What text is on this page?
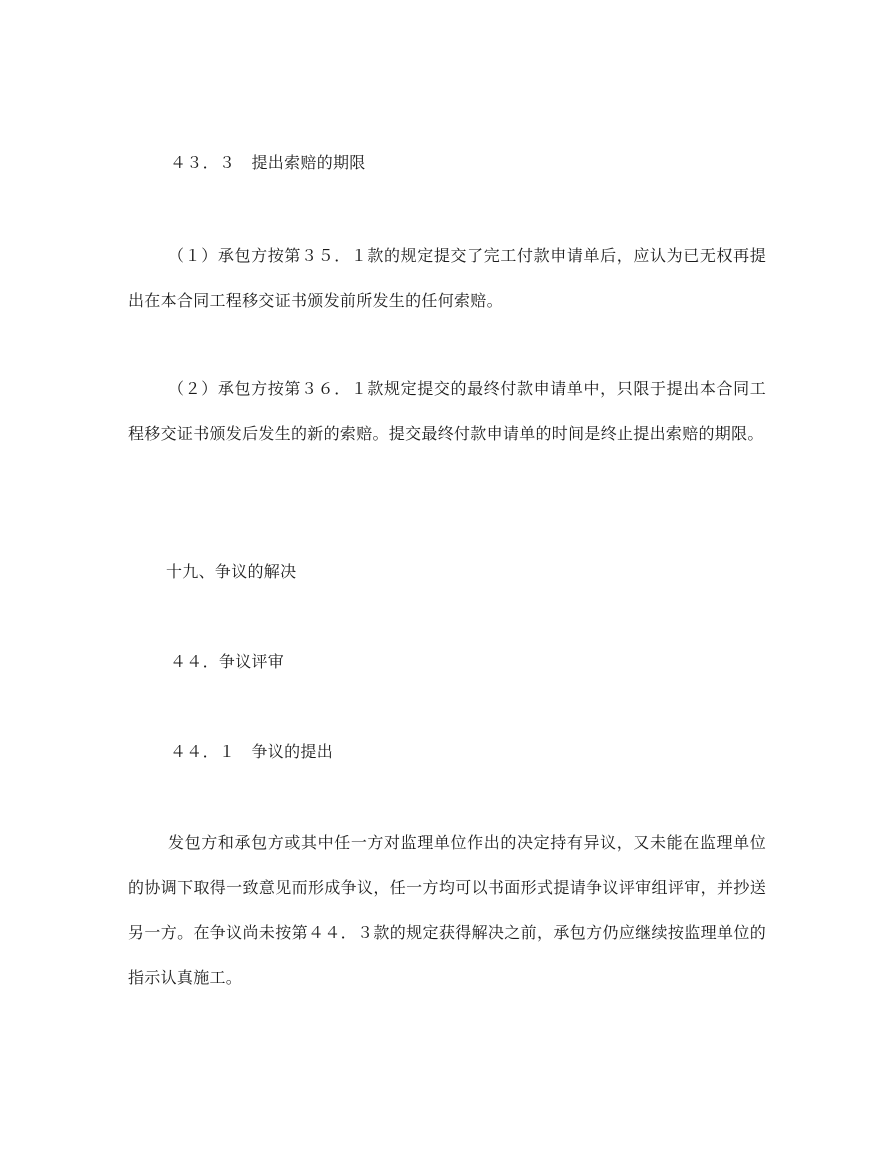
４３．３　提出索赔的期限
（１）承包方按第３５．１款的规定提交了完工付款申请单后，应认为已无权再提出在本合同工程移交证书颁发前所发生的任何索赔。
（２）承包方按第３６．１款规定提交的最终付款申请单中，只限于提出本合同工程移交证书颁发后发生的新的索赔。提交最终付款申请单的时间是终止提出索赔的期限。
十九、争议的解决
４４．争议评审
４４．１　争议的提出
发包方和承包方或其中任一方对监理单位作出的决定持有异议，又未能在监理单位的协调下取得一致意见而形成争议，任一方均可以书面形式提请争议评审组评审，并抄送另一方。在争议尚未按第４４．３款的规定获得解决之前，承包方仍应继续按监理单位的指示认真施工。
